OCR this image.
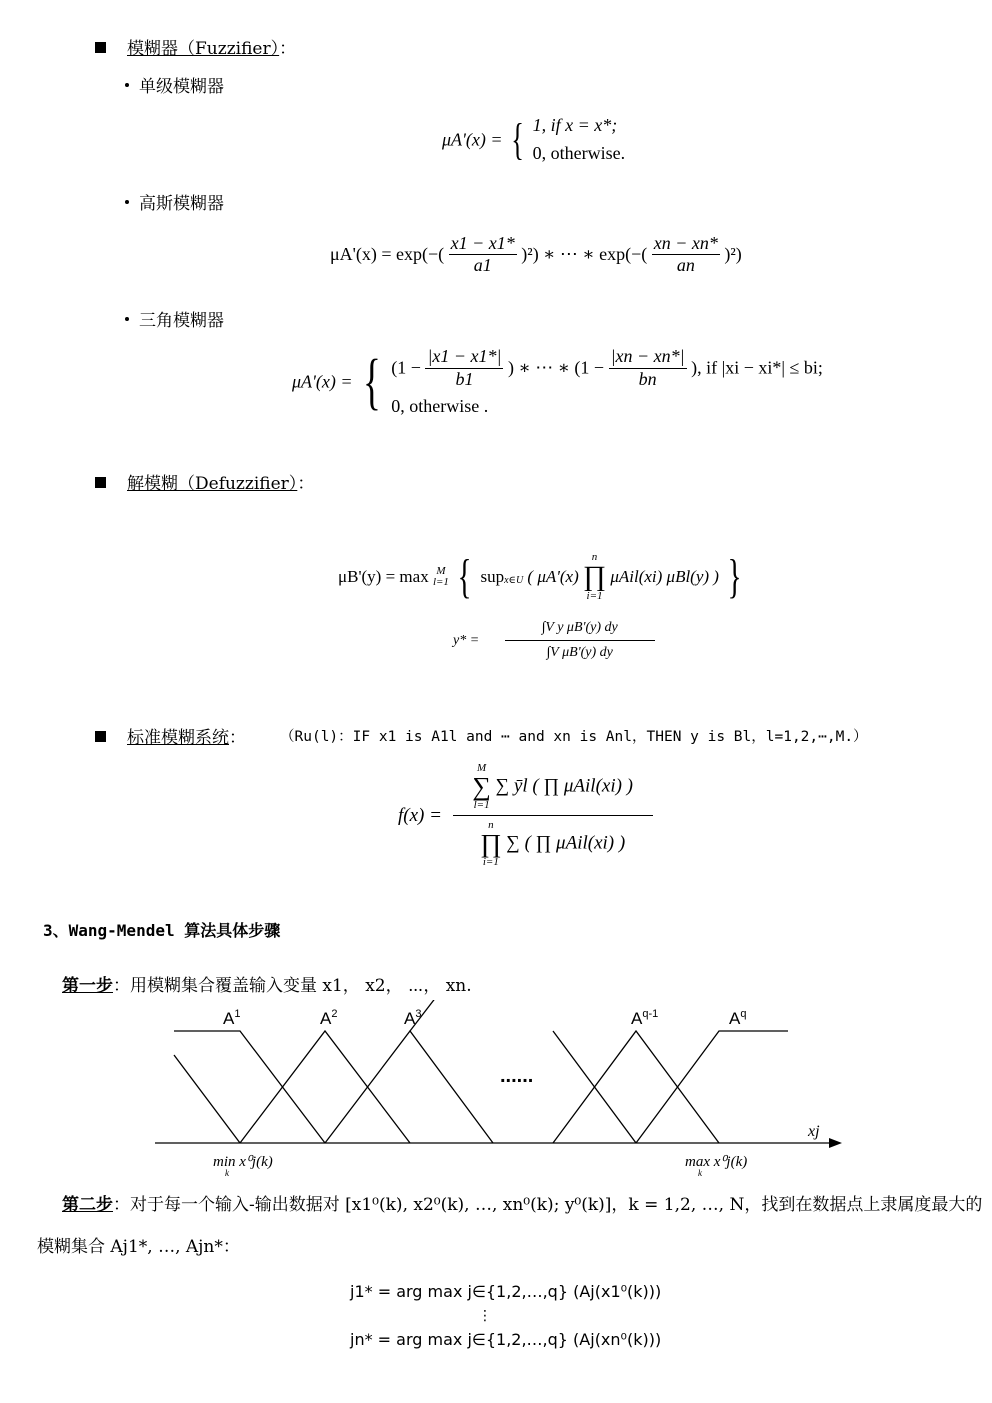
模糊器（Fuzzifier）：
单级模糊器
μA'(x) = { 1, if x = x*;
0, otherwise.
高斯模糊器
$\mu A'(x) = \exp(-( \frac{x1 - x1*}{a1} )^2)$ ∗ ⋯ ∗ $\exp(-( \frac{xn - xn*}{an} )^2)$
三角模糊器
μA'(x) = { ($1 - \frac{|x1 - x1*|}{b1}$ ) ∗ ⋯ ∗ ($1 - \frac{|xn - xn*|}{bn}$ ), if |xi − xi*| ≤ bi;
0, otherwise .
解模糊（Defuzzifier）：
μB'(y) = max M
l=1 { supx∈U ( μA'(x)
n
∏
i=1
μAil(xi) μBl(y) ) }
$y* = \frac{\text{∫V y μB'(y) dy}}{\text{∫V μB'(y) dy}}$
标准模糊系统： （Ru(l)：IF x1 is A1l and ⋯ and xn is Anl，THEN y is Bl，l=1,2,⋯,M.）
f(x) = M
∑
l=1
∑ ȳl ( ∏ μAil(xi) )
n
∏
i=1
∑ ( ∏ μAil(xi) )
3、Wang-Mendel 算法具体步骤
第一步：用模糊集合覆盖输入变量 x1， x2， ⋯， xn.
$A^1$	$A^2$	$A^3$	$A^{q-1}$	$A^q$
......
xj
min x⁰j(k)
k
max x⁰j(k)
k
第二步：对于每一个输入-输出数据对 [x1⁰(k), x2⁰(k), …, xn⁰(k); y⁰(k)]，k = 1,2, …, N，找到在数据点上隶属度最大的
模糊集合 Aj1*, …, Ajn*：
j1* = arg max j∈{1,2,…,q} (Aj(x1⁰(k)))
⋮
jn* = arg max j∈{1,2,…,q} (Aj(xn⁰(k)))
